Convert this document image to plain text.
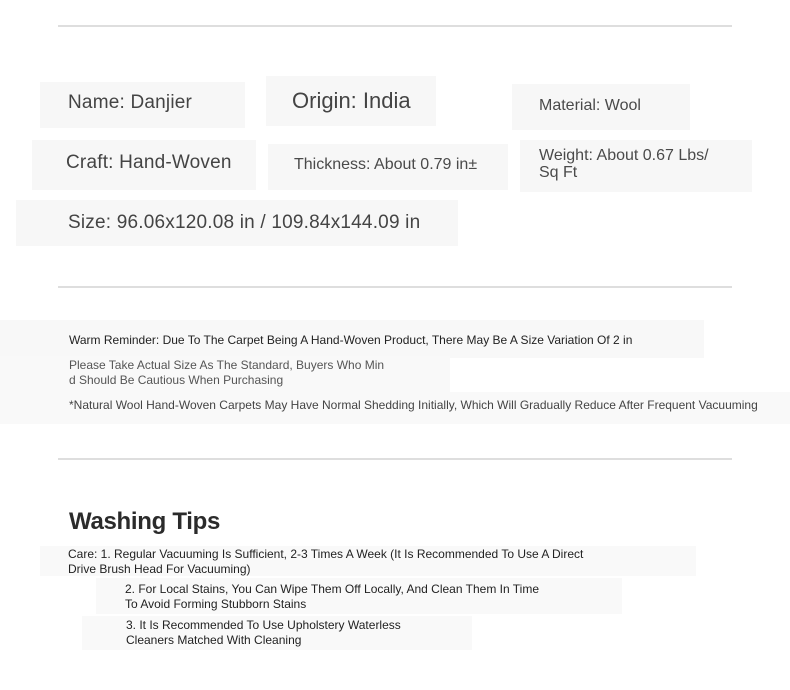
Name: Danjier	Origin: India	Material: Wool
Craft: Hand-Woven	Thickness: About 0.79 in±
Weight: About 0.67 Lbs/
Sq Ft
Size: 96.06x120.08 in / 109.84x144.09 in
Warm Reminder: Due To The Carpet Being A Hand-Woven Product, There May Be A Size Variation Of 2 in
Please Take Actual Size As The Standard, Buyers Who Min
d Should Be Cautious When Purchasing
*Natural Wool Hand-Woven Carpets May Have Normal Shedding Initially, Which Will Gradually Reduce After Frequent Vacuuming
Washing Tips
Care: 1. Regular Vacuuming Is Sufficient, 2-3 Times A Week (It Is Recommended To Use A Direct
Drive Brush Head For Vacuuming)
2. For Local Stains, You Can Wipe Them Off Locally, And Clean Them In Time
To Avoid Forming Stubborn Stains
3. It Is Recommended To Use Upholstery Waterless
Cleaners Matched With Cleaning
